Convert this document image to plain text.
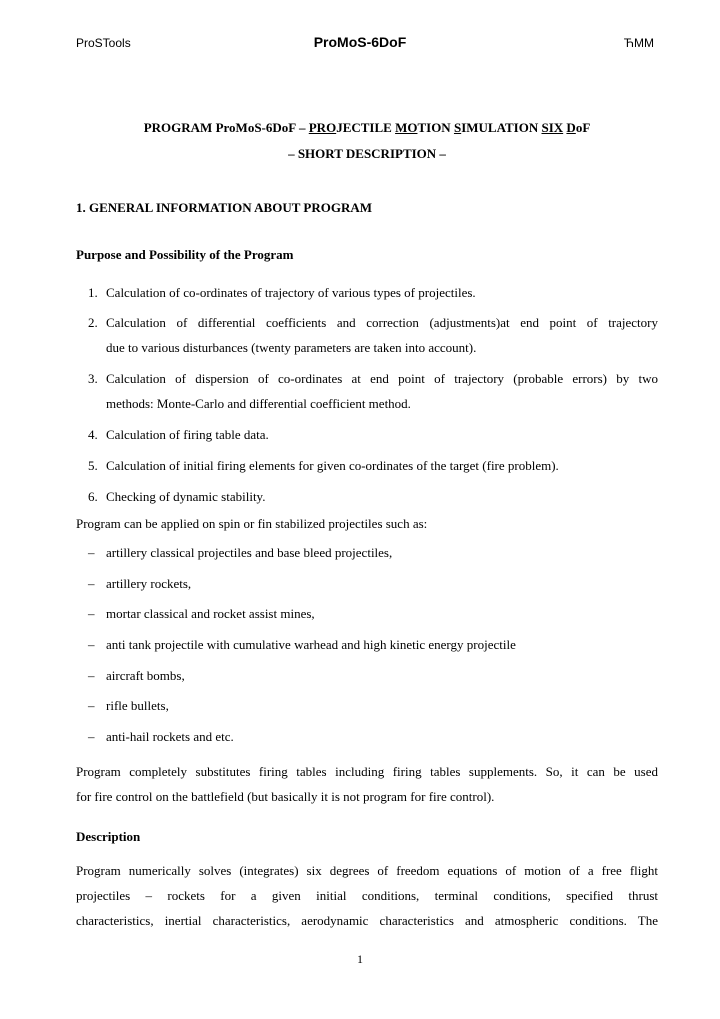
ProSTools	ProMoS-6DoF	ЋMM
PROGRAM ProMoS-6DoF – PROJECTILE MOTION SIMULATION SIX DoF
– SHORT DESCRIPTION –
1. GENERAL INFORMATION ABOUT PROGRAM
Purpose and Possibility of the Program
1. Calculation of co-ordinates of trajectory of various types of projectiles.
2. Calculation of differential coefficients and correction (adjustments)at end point of trajectory
due to various disturbances (twenty parameters are taken into account).
3. Calculation of dispersion of co-ordinates at end point of trajectory (probable errors) by two
methods: Monte-Carlo and differential coefficient method.
4. Calculation of firing table data.
5. Calculation of initial firing elements for given co-ordinates of the target (fire problem).
6. Checking of dynamic stability.
Program can be applied on spin or fin stabilized projectiles such as:
– artillery classical projectiles and base bleed projectiles,
– artillery rockets,
– mortar classical and rocket assist mines,
– anti tank projectile with cumulative warhead and high kinetic energy projectile
– aircraft bombs,
– rifle bullets,
– anti-hail rockets and etc.
Program completely substitutes firing tables including firing tables supplements. So, it can be used
for fire control on the battlefield (but basically it is not program for fire control).
Description
Program numerically solves (integrates) six degrees of freedom equations of motion of a free flight
projectiles – rockets for a given initial conditions, terminal conditions, specified thrust
characteristics, inertial characteristics, aerodynamic characteristics and atmospheric conditions. The
1
